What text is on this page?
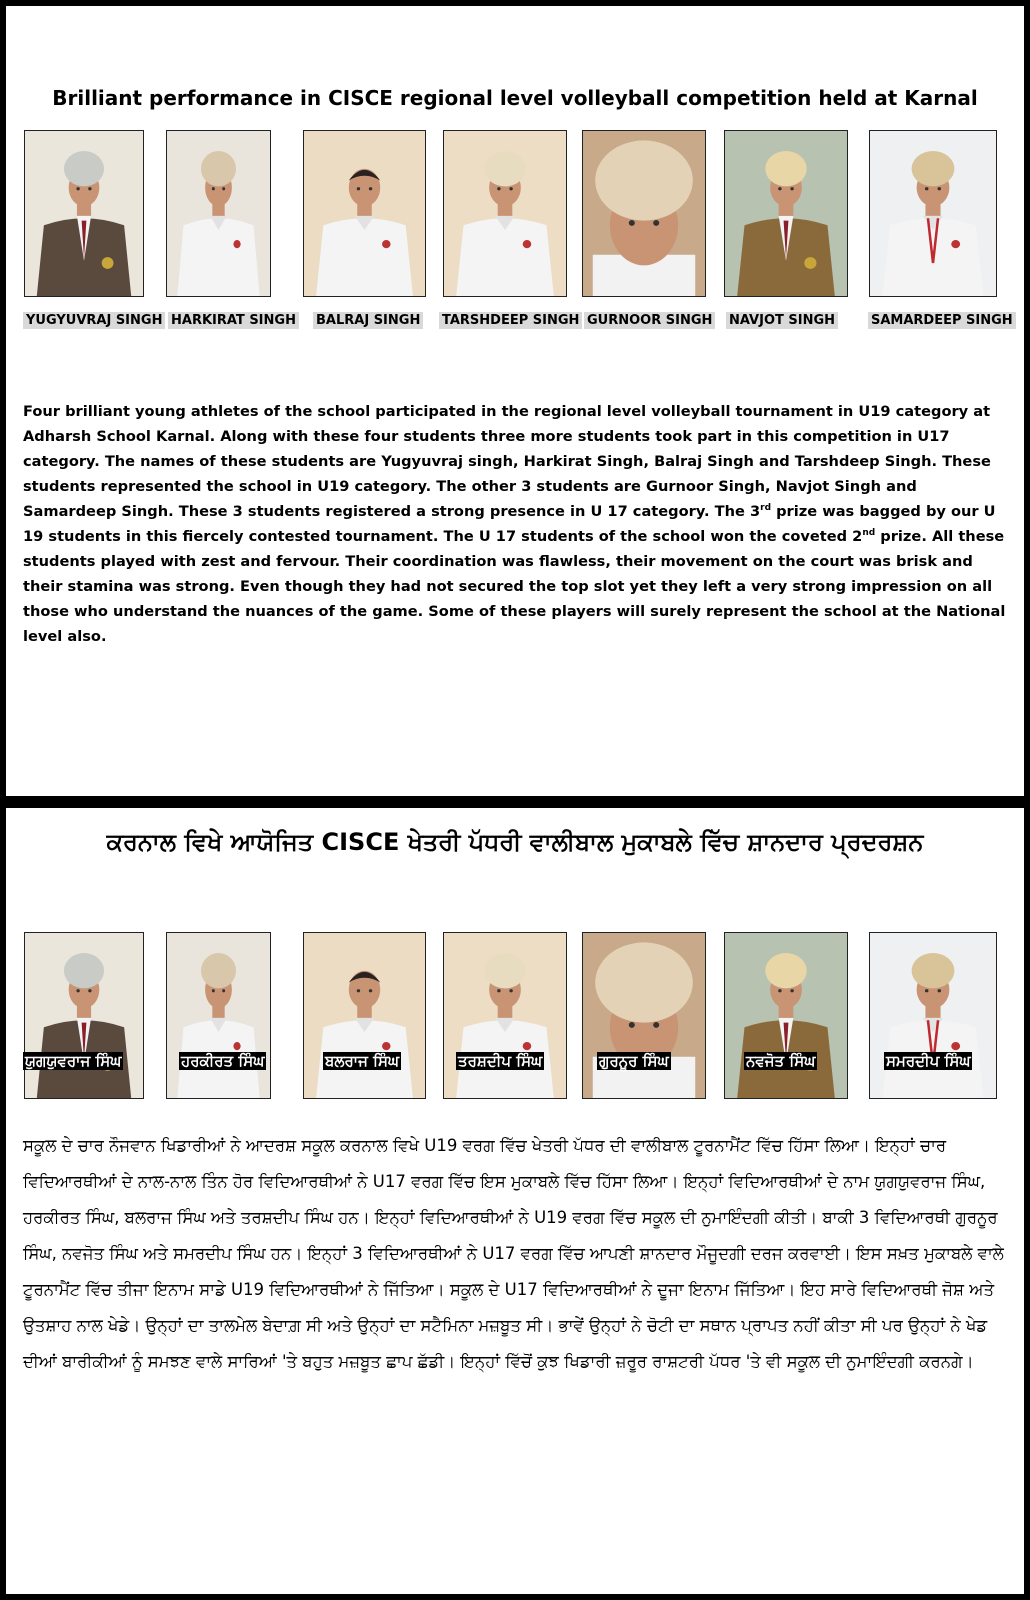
Brilliant performance in CISCE regional level volleyball competition held at Karnal
YUGYUVRAJ SINGH HARKIRAT SINGH BALRAJ SINGH TARSHDEEP SINGH GURNOOR SINGH NAVJOT SINGH	SAMARDEEP SINGH
Four brilliant young athletes of the school participated in the regional level volleyball tournament in U19 category at Adharsh School Karnal. Along with these four students three more students took part in this competition in U17 category. The names of these students are Yugyuvraj singh, Harkirat Singh, Balraj Singh and Tarshdeep Singh. These students represented the school in U19 category. The other 3 students are Gurnoor Singh, Navjot Singh and Samardeep Singh. These 3 students registered a strong presence in U 17 category. The 3rd prize was bagged by our U 19 students in this fiercely contested tournament. The U 17 students of the school won the coveted 2nd prize. All these students played with zest and fervour. Their coordination was flawless, their movement on the court was brisk and their stamina was strong. Even though they had not secured the top slot yet they left a very strong impression on all those who understand the nuances of the game. Some of these players will surely represent the school at the National level also.
ਕਰਨਾਲ ਵਿਖੇ ਆਯੋਜਿਤ CISCE ਖੇਤਰੀ ਪੱਧਰੀ ਵਾਲੀਬਾਲ ਮੁਕਾਬਲੇ ਵਿੱਚ ਸ਼ਾਨਦਾਰ ਪ੍ਰਦਰਸ਼ਨ
ਯੁਗਯੁਵਰਾਜ ਸਿੰਘ	ਹਰਕੀਰਤ ਸਿੰਘ	ਬਲਰਾਜ ਸਿੰਘ	ਤਰਸ਼ਦੀਪ ਸਿੰਘ	ਗੁਰਨੂਰ ਸਿੰਘ	ਨਵਜੋਤ ਸਿੰਘ	ਸਮਰਦੀਪ ਸਿੰਘ
ਸਕੂਲ ਦੇ ਚਾਰ ਨੌਜਵਾਨ ਖਿਡਾਰੀਆਂ ਨੇ ਆਦਰਸ਼ ਸਕੂਲ ਕਰਨਾਲ ਵਿਖੇ U19 ਵਰਗ ਵਿੱਚ ਖੇਤਰੀ ਪੱਧਰ ਦੀ ਵਾਲੀਬਾਲ ਟੂਰਨਾਮੈਂਟ ਵਿੱਚ ਹਿੱਸਾ ਲਿਆ। ਇਨ੍ਹਾਂ ਚਾਰ ਵਿਦਿਆਰਥੀਆਂ ਦੇ ਨਾਲ-ਨਾਲ ਤਿੰਨ ਹੋਰ ਵਿਦਿਆਰਥੀਆਂ ਨੇ U17 ਵਰਗ ਵਿੱਚ ਇਸ ਮੁਕਾਬਲੇ ਵਿੱਚ ਹਿੱਸਾ ਲਿਆ। ਇਨ੍ਹਾਂ ਵਿਦਿਆਰਥੀਆਂ ਦੇ ਨਾਮ ਯੁਗਯੁਵਰਾਜ ਸਿੰਘ, ਹਰਕੀਰਤ ਸਿੰਘ, ਬਲਰਾਜ ਸਿੰਘ ਅਤੇ ਤਰਸ਼ਦੀਪ ਸਿੰਘ ਹਨ। ਇਨ੍ਹਾਂ ਵਿਦਿਆਰਥੀਆਂ ਨੇ U19 ਵਰਗ ਵਿੱਚ ਸਕੂਲ ਦੀ ਨੁਮਾਇੰਦਗੀ ਕੀਤੀ। ਬਾਕੀ 3 ਵਿਦਿਆਰਥੀ ਗੁਰਨੂਰ ਸਿੰਘ, ਨਵਜੋਤ ਸਿੰਘ ਅਤੇ ਸਮਰਦੀਪ ਸਿੰਘ ਹਨ। ਇਨ੍ਹਾਂ 3 ਵਿਦਿਆਰਥੀਆਂ ਨੇ U17 ਵਰਗ ਵਿੱਚ ਆਪਣੀ ਸ਼ਾਨਦਾਰ ਮੌਜੂਦਗੀ ਦਰਜ ਕਰਵਾਈ। ਇਸ ਸਖ਼ਤ ਮੁਕਾਬਲੇ ਵਾਲੇ ਟੂਰਨਾਮੈਂਟ ਵਿੱਚ ਤੀਜਾ ਇਨਾਮ ਸਾਡੇ U19 ਵਿਦਿਆਰਥੀਆਂ ਨੇ ਜਿੱਤਿਆ। ਸਕੂਲ ਦੇ U17 ਵਿਦਿਆਰਥੀਆਂ ਨੇ ਦੂਜਾ ਇਨਾਮ ਜਿੱਤਿਆ। ਇਹ ਸਾਰੇ ਵਿਦਿਆਰਥੀ ਜੋਸ਼ ਅਤੇ ਉਤਸ਼ਾਹ ਨਾਲ ਖੇਡੇ। ਉਨ੍ਹਾਂ ਦਾ ਤਾਲਮੇਲ ਬੇਦਾਗ਼ ਸੀ ਅਤੇ ਉਨ੍ਹਾਂ ਦਾ ਸਟੈਮਿਨਾ ਮਜ਼ਬੂਤ ਸੀ। ਭਾਵੇਂ ਉਨ੍ਹਾਂ ਨੇ ਚੋਟੀ ਦਾ ਸਥਾਨ ਪ੍ਰਾਪਤ ਨਹੀਂ ਕੀਤਾ ਸੀ ਪਰ ਉਨ੍ਹਾਂ ਨੇ ਖੇਡ ਦੀਆਂ ਬਾਰੀਕੀਆਂ ਨੂੰ ਸਮਝਣ ਵਾਲੇ ਸਾਰਿਆਂ 'ਤੇ ਬਹੁਤ ਮਜ਼ਬੂਤ ਛਾਪ ਛੱਡੀ। ਇਨ੍ਹਾਂ ਵਿੱਚੋਂ ਕੁਝ ਖਿਡਾਰੀ ਜ਼ਰੂਰ ਰਾਸ਼ਟਰੀ ਪੱਧਰ 'ਤੇ ਵੀ ਸਕੂਲ ਦੀ ਨੁਮਾਇੰਦਗੀ ਕਰਨਗੇ।
